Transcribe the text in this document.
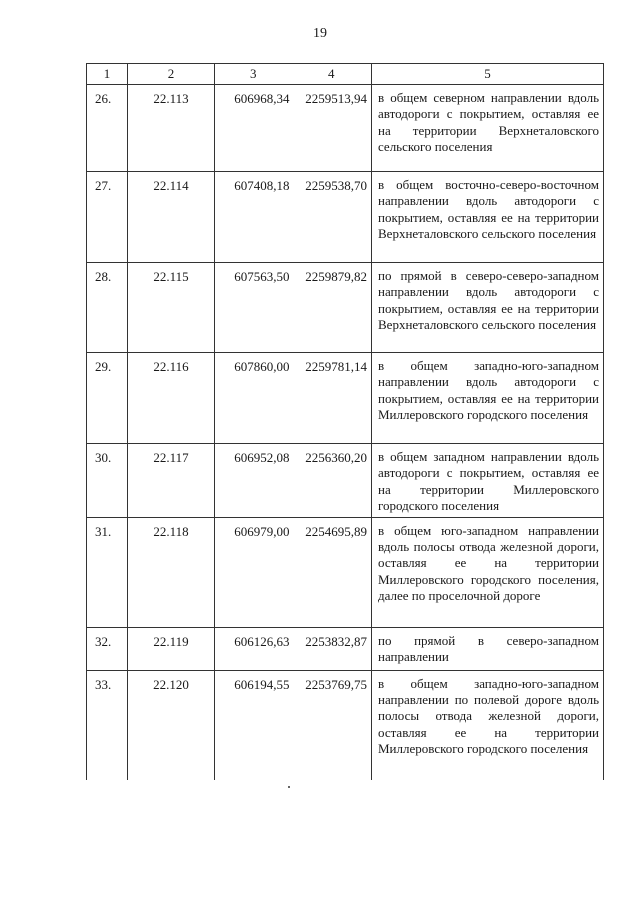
19
1	2	3	4	5
26.	22.113	606968,34	2259513,94	в общем северном направлении вдоль автодороги с покрытием, оставляя ее на территории Верхнеталовского сельского поселения
27.	22.114	607408,18	2259538,70	в общем восточно-северо-восточном направлении вдоль автодороги с покрытием, оставляя ее на территории Верхнеталовского сельского поселения
28.	22.115	607563,50	2259879,82	по прямой в северо-северо-западном направлении вдоль автодороги с покрытием, оставляя ее на территории Верхнеталовского сельского поселения
29.	22.116	607860,00	2259781,14	в общем западно-юго-западном направлении вдоль автодороги с покрытием, оставляя ее на территории Миллеровского городского поселения
30.	22.117	606952,08	2256360,20	в общем западном направлении вдоль автодороги с покрытием, оставляя ее на территории Миллеровского городского поселения
31.	22.118	606979,00	2254695,89	в общем юго-западном направлении вдоль полосы отвода железной дороги, оставляя ее на территории Миллеровского городского поселения, далее по проселочной дороге
32.	22.119	606126,63	2253832,87	по прямой в северо-западном направлении
33.	22.120	606194,55	2253769,75	в общем западно-юго-западном направлении по полевой дороге вдоль полосы отвода железной дороги, оставляя ее на территории Миллеровского городского поселения
